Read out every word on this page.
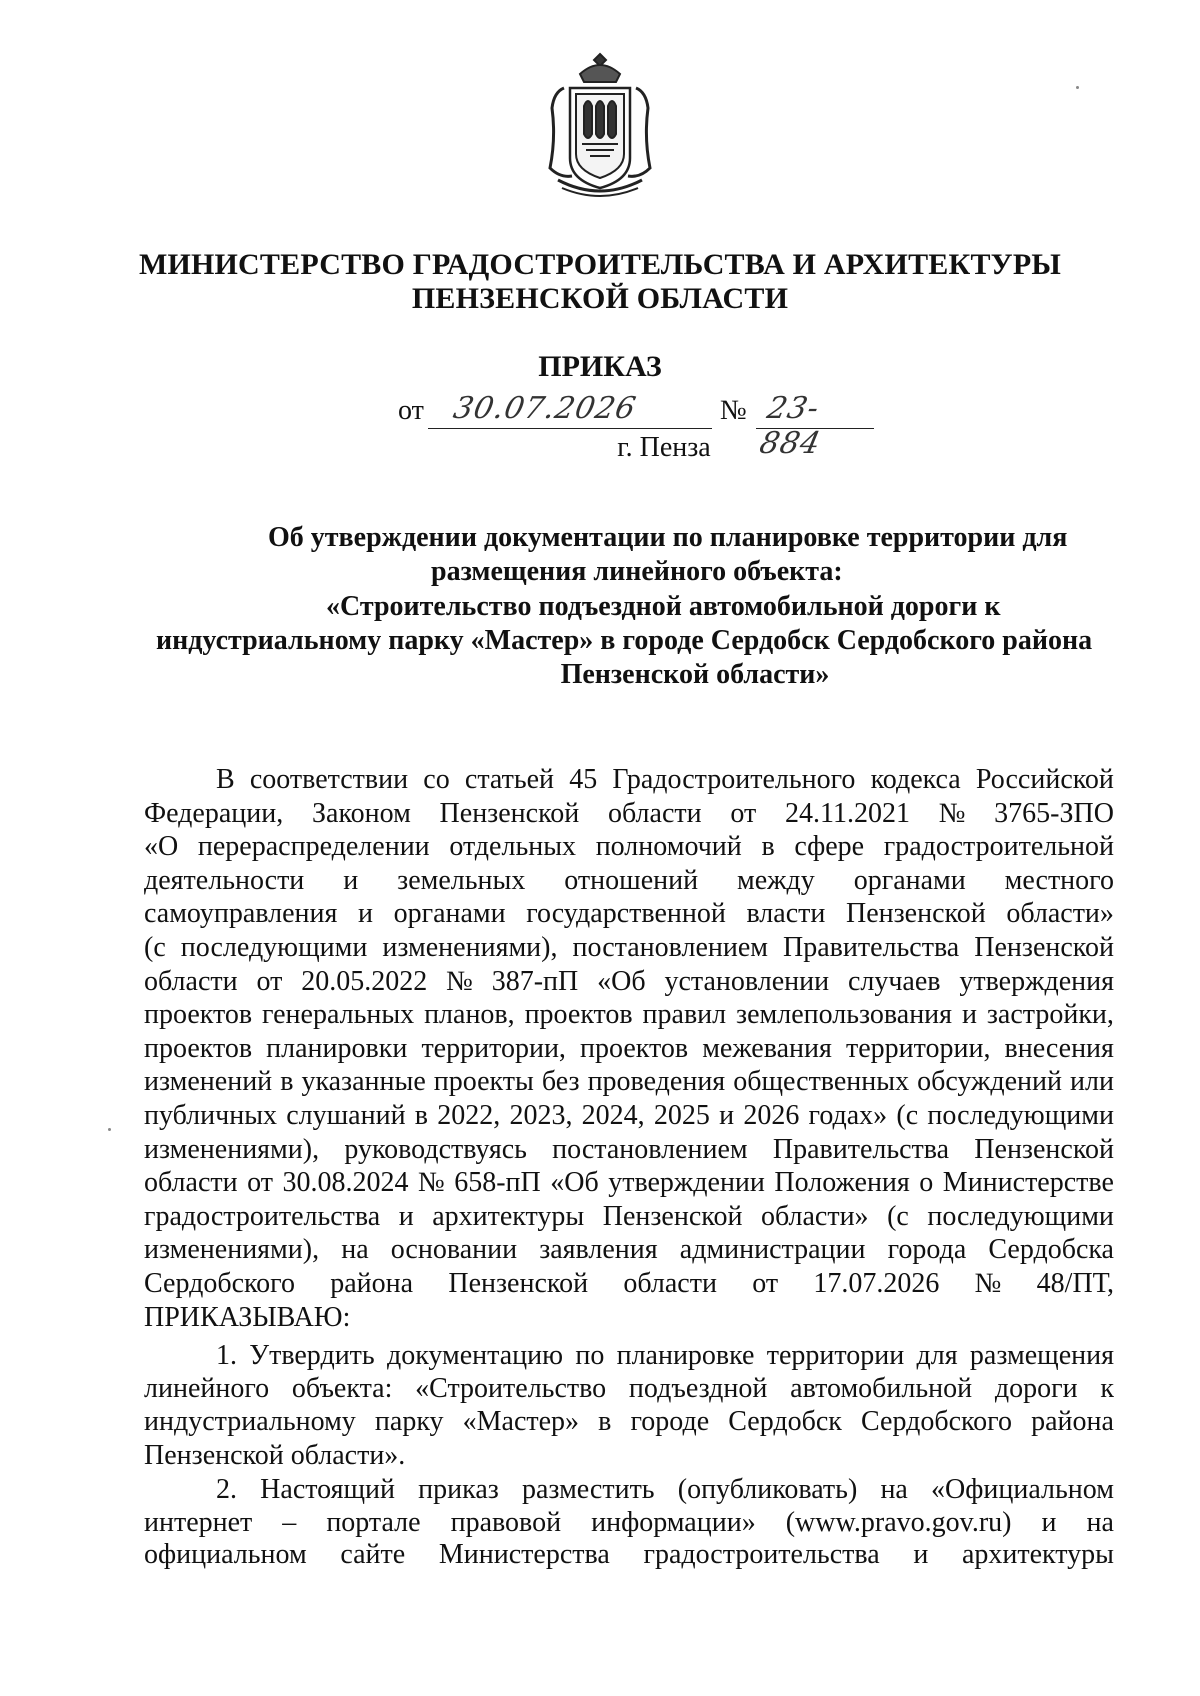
МИНИСТЕРСТВО ГРАДОСТРОИТЕЛЬСТВА И АРХИТЕКТУРЫ
ПЕНЗЕНСКОЙ ОБЛАСТИ
ПРИКАЗ
от 30.07.2026	№ 23-884
г. Пенза
Об утверждении документации по планировке территории для
размещения линейного объекта:
«Строительство подъездной автомобильной дороги к
индустриальному парку «Мастер» в городе Сердобск Сердобского района
Пензенской области»
В соответствии со статьей 45 Градостроительного кодекса Российской
Федерации, Законом Пензенской области от 24.11.2021 № 3765-ЗПО
«О перераспределении отдельных полномочий в сфере градостроительной
деятельности и земельных отношений между органами местного
самоуправления и органами государственной власти Пензенской области»
(с последующими изменениями), постановлением Правительства Пензенской
области от 20.05.2022 № 387-пП «Об установлении случаев утверждения
проектов генеральных планов, проектов правил землепользования и застройки,
проектов планировки территории, проектов межевания территории, внесения
изменений в указанные проекты без проведения общественных обсуждений или
публичных слушаний в 2022, 2023, 2024, 2025 и 2026 годах» (с последующими
изменениями), руководствуясь постановлением Правительства Пензенской
области от 30.08.2024 № 658-пП «Об утверждении Положения о Министерстве
градостроительства и архитектуры Пензенской области» (с последующими
изменениями), на основании заявления администрации города Сердобска
Сердобского района Пензенской области от 17.07.2026 № 48/ПТ,
ПРИКАЗЫВАЮ:
1. Утвердить документацию по планировке территории для размещения
линейного объекта: «Строительство подъездной автомобильной дороги к
индустриальному парку «Мастер» в городе Сердобск Сердобского района
Пензенской области».
2. Настоящий приказ разместить (опубликовать) на «Официальном
интернет – портале правовой информации» (www.pravo.gov.ru) и на
официальном сайте Министерства градостроительства и архитектуры
